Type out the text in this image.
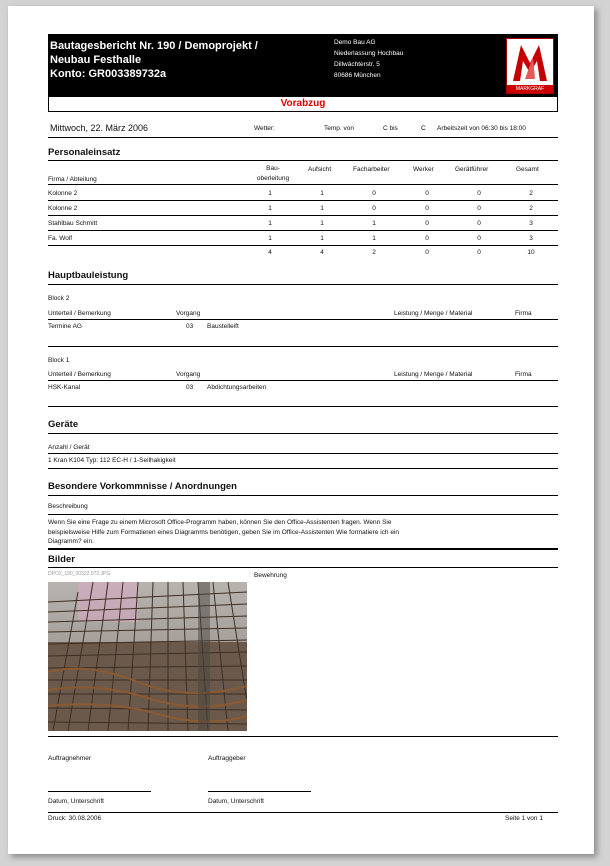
Bautagesbericht Nr. 190 / Demoprojekt /
Neubau Festhalle
Konto: GR003389732a
Demo Bau AG
Niederlassung Hochbau
Dillwächterstr. 5
80686 München
MARKGRAF
Vorabzug
Mittwoch, 22. März 2006	Wetter:	Temp. von	C bis	C Arbeitszeit von 06:30 bis 18:00
Personaleinsatz
Bau-
oberleitung
Aufsicht	Facharbeiter	Werker	Gerätführer	Gesamt
Firma / Abteilung
Kolonne 2	1	1	0	0	0	2
Kolonne 2	1	1	0	0	0	2
Stahlbau Schmitt	1	1	1	0	0	3
Fa. Wolf	1	1	1	0	0	3
4	4	2	0	0	10
Hauptbauleistung
Block 2
Unterteil / Bemerkung	Vorgang	Leistung / Menge / Material	Firma
Termine AG	03 Baustelleift
Block 1
Unterteil / Bemerkung	Vorgang	Leistung / Menge / Material	Firma
HSK-Kanal	03 Abdichtungsarbeiten
Geräte
Anzahl / Gerät
1 Kran K104 Typ: 112 EC-H / 1-Seilhakigkeit
Besondere Vorkommnisse / Anordnungen
Beschreibung
Wenn Sie eine Frage zu einem Microsoft Office-Programm haben, können Sie den Office-Assistenten fragen. Wenn Sie
beispielsweise Hilfe zum Formatieren eines Diagramms benötigen, geben Sie im Office-Assistenten Wie formatiere ich ein
Diagramm? ein.
Bilder
DPO2_190_00322.072.JPG	Bewehrung
Auftragnehmer	Auftraggeber
Datum, Unterschrift	Datum, Unterschrift
Druck: 30.08.2006	Seite 1 von 1
